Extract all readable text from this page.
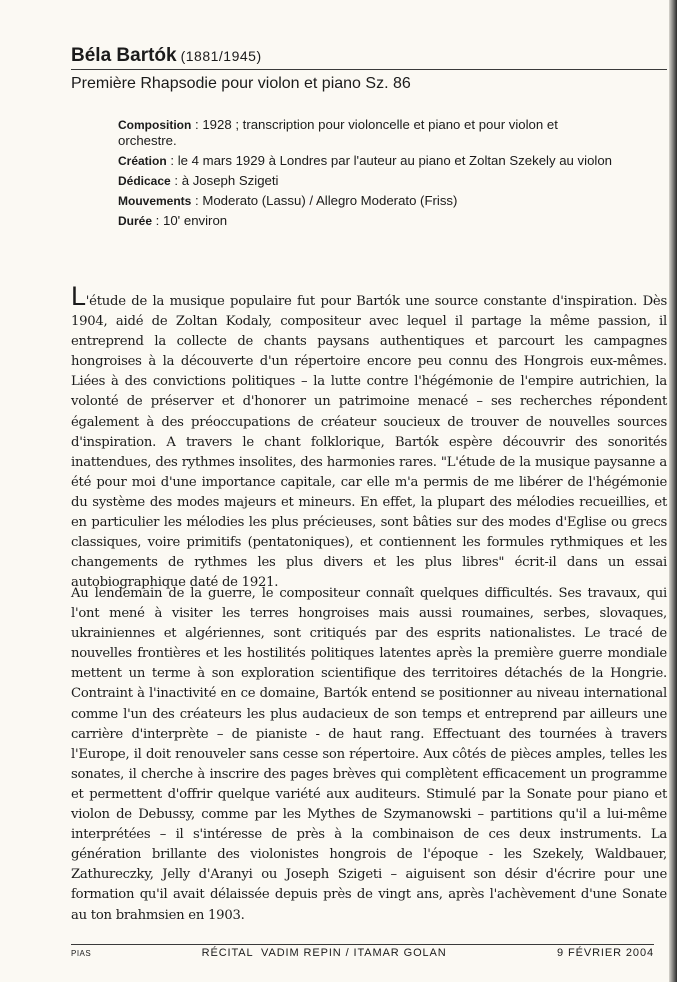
Béla Bartók (1881/1945)
Première Rhapsodie pour violon et piano Sz. 86
Composition : 1928 ; transcription pour violoncelle et piano et pour violon et
orchestre.
Création : le 4 mars 1929 à Londres par l'auteur au piano et Zoltan Szekely au violon
Dédicace : à Joseph Szigeti
Mouvements : Moderato (Lassu) / Allegro Moderato (Friss)
Durée : 10' environ
L'étude de la musique populaire fut pour Bartók une source constante d'inspiration. Dès 1904, aidé de Zoltan Kodaly, compositeur avec lequel il partage la même passion, il entreprend la collecte de chants paysans authentiques et parcourt les campagnes hongroises à la découverte d'un répertoire encore peu connu des Hongrois eux-mêmes. Liées à des convictions politiques – la lutte contre l'hégémonie de l'empire autrichien, la volonté de préserver et d'honorer un patrimoine menacé – ses recherches répondent également à des préoccupations de créateur soucieux de trouver de nouvelles sources d'inspiration. A travers le chant folklorique, Bartók espère découvrir des sonorités inattendues, des rythmes insolites, des harmonies rares. "L'étude de la musique paysanne a été pour moi d'une importance capitale, car elle m'a permis de me libérer de l'hégémonie du système des modes majeurs et mineurs. En effet, la plupart des mélodies recueillies, et en particulier les mélodies les plus précieuses, sont bâties sur des modes d'Eglise ou grecs classiques, voire primitifs (pentatoniques), et contiennent les formules rythmiques et les changements de rythmes les plus divers et les plus libres" écrit-il dans un essai autobiographique daté de 1921.
Au lendemain de la guerre, le compositeur connaît quelques difficultés. Ses travaux, qui l'ont mené à visiter les terres hongroises mais aussi roumaines, serbes, slovaques, ukrainiennes et algériennes, sont critiqués par des esprits nationalistes. Le tracé de nouvelles frontières et les hostilités politiques latentes après la première guerre mondiale mettent un terme à son exploration scientifique des territoires détachés de la Hongrie. Contraint à l'inactivité en ce domaine, Bartók entend se positionner au niveau international comme l'un des créateurs les plus audacieux de son temps et entreprend par ailleurs une carrière d'interprète – de pianiste - de haut rang. Effectuant des tournées à travers l'Europe, il doit renouveler sans cesse son répertoire. Aux côtés de pièces amples, telles les sonates, il cherche à inscrire des pages brèves qui complètent efficacement un programme et permettent d'offrir quelque variété aux auditeurs. Stimulé par la Sonate pour piano et violon de Debussy, comme par les Mythes de Szymanowski – partitions qu'il a lui-même interprétées – il s'intéresse de près à la combinaison de ces deux instruments. La génération brillante des violonistes hongrois de l'époque - les Szekely, Waldbauer, Zathureczky, Jelly d'Aranyi ou Joseph Szigeti – aiguisent son désir d'écrire pour une formation qu'il avait délaissée depuis près de vingt ans, après l'achèvement d'une Sonate au ton brahmsien en 1903.
PIAS	RÉCITAL  VADIM REPIN / ITAMAR GOLAN	9 FÉVRIER 2004
